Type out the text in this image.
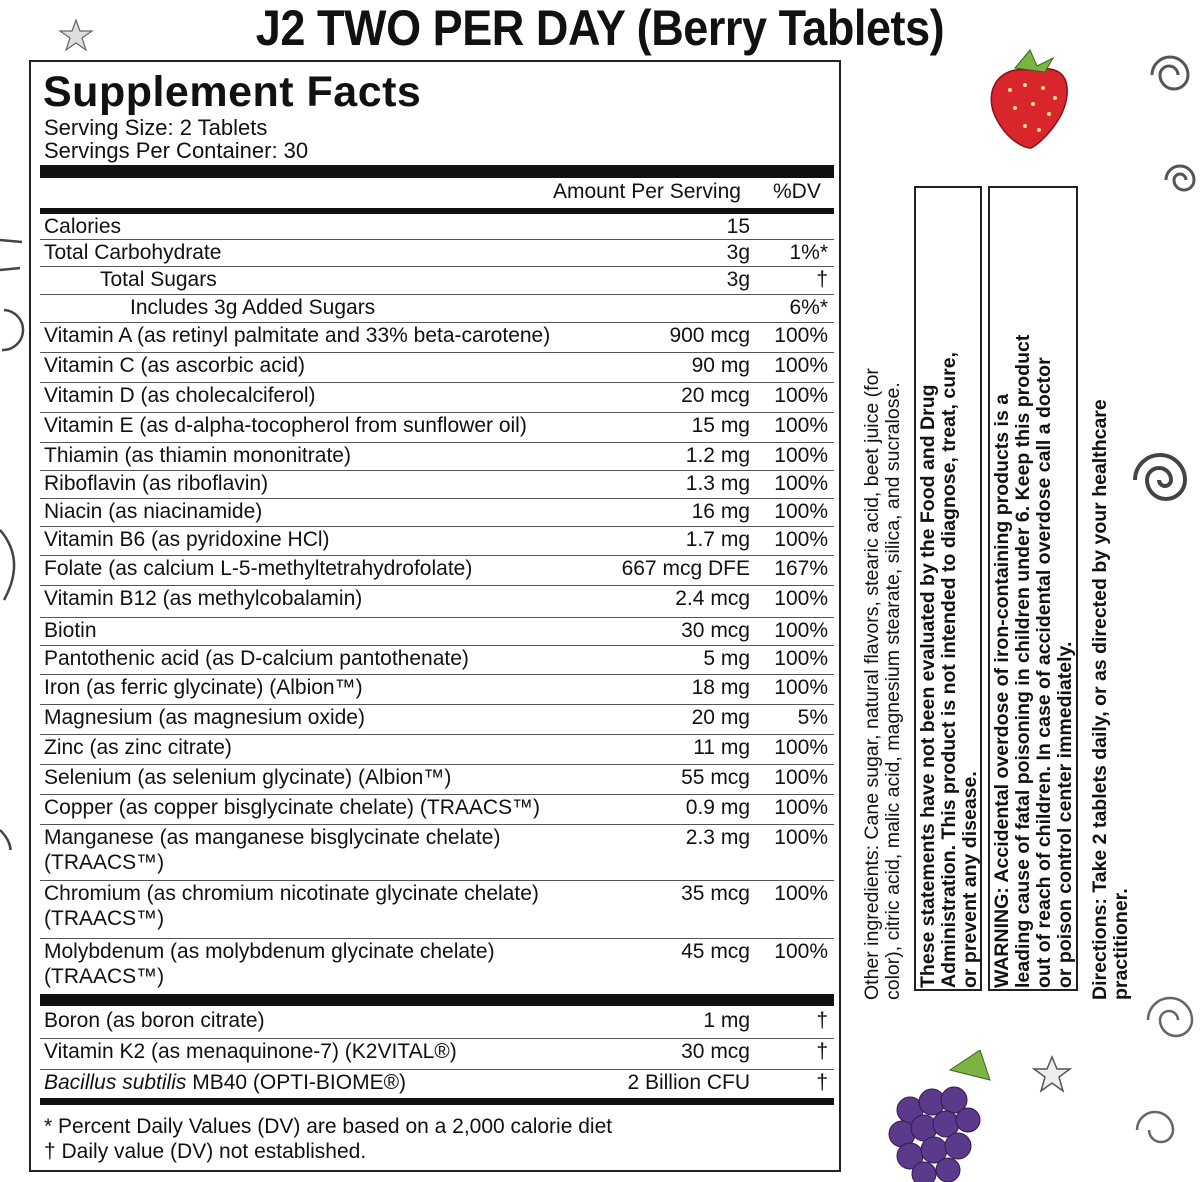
J2 TWO PER DAY (Berry Tablets)
Supplement Facts
Serving Size: 2 Tablets
Servings Per Container: 30
Amount Per Serving %DV
Calories	15
Total Carbohydrate	3g 1%*
Total Sugars	3g	†
Includes 3g Added Sugars	6%*
Vitamin A (as retinyl palmitate and 33% beta-carotene)	900 mcg 100%
Vitamin C (as ascorbic acid)	90 mg 100%
Vitamin D (as cholecalciferol)	20 mcg 100%
Vitamin E (as d-alpha-tocopherol from sunflower oil)	15 mg 100%
Thiamin (as thiamin mononitrate)	1.2 mg 100%
Riboflavin (as riboflavin)	1.3 mg 100%
Niacin (as niacinamide)	16 mg 100%
Vitamin B6 (as pyridoxine HCl)	1.7 mg 100%
Folate (as calcium L-5-methyltetrahydrofolate)	667 mcg DFE 167%
Vitamin B12 (as methylcobalamin)	2.4 mcg 100%
Biotin	30 mcg 100%
Pantothenic acid (as D-calcium pantothenate)	5 mg 100%
Iron (as ferric glycinate) (Albion™)	18 mg 100%
Magnesium (as magnesium oxide)	20 mg 5%
Zinc (as zinc citrate)	11 mg 100%
Selenium (as selenium glycinate) (Albion™)	55 mcg 100%
Copper (as copper bisglycinate chelate) (TRAACS™)	0.9 mg 100%
Manganese (as manganese bisglycinate chelate) (TRAACS™)
2.3 mg 100%
Chromium (as chromium nicotinate glycinate chelate) (TRAACS™)
35 mcg 100%
Molybdenum (as molybdenum glycinate chelate) (TRAACS™)
45 mcg 100%
Boron (as boron citrate)	1 mg	†
Vitamin K2 (as menaquinone-7) (K2VITAL®)	30 mcg	†
Bacillus subtilis MB40 (OPTI-BIOME®)	2 Billion CFU	†
* Percent Daily Values (DV) are based on a 2,000 calorie diet
† Daily value (DV) not established.
Other ingredients: Cane sugar, natural flavors, stearic acid, beet juice (for color), citric acid, malic acid, magnesium stearate, silica, and sucralose. These statements have not been evaluated by the Food and Drug Administration. This product is not intended to diagnose, treat, cure, or prevent any disease. WARNING: Accidental overdose of iron-containing products is a leading cause of fatal poisoning in children under 6. Keep this product out of reach of children. In case of accidental overdose call a doctor or poison control center immediately. Directions: Take 2 tablets daily, or as directed by your healthcare practitioner.
